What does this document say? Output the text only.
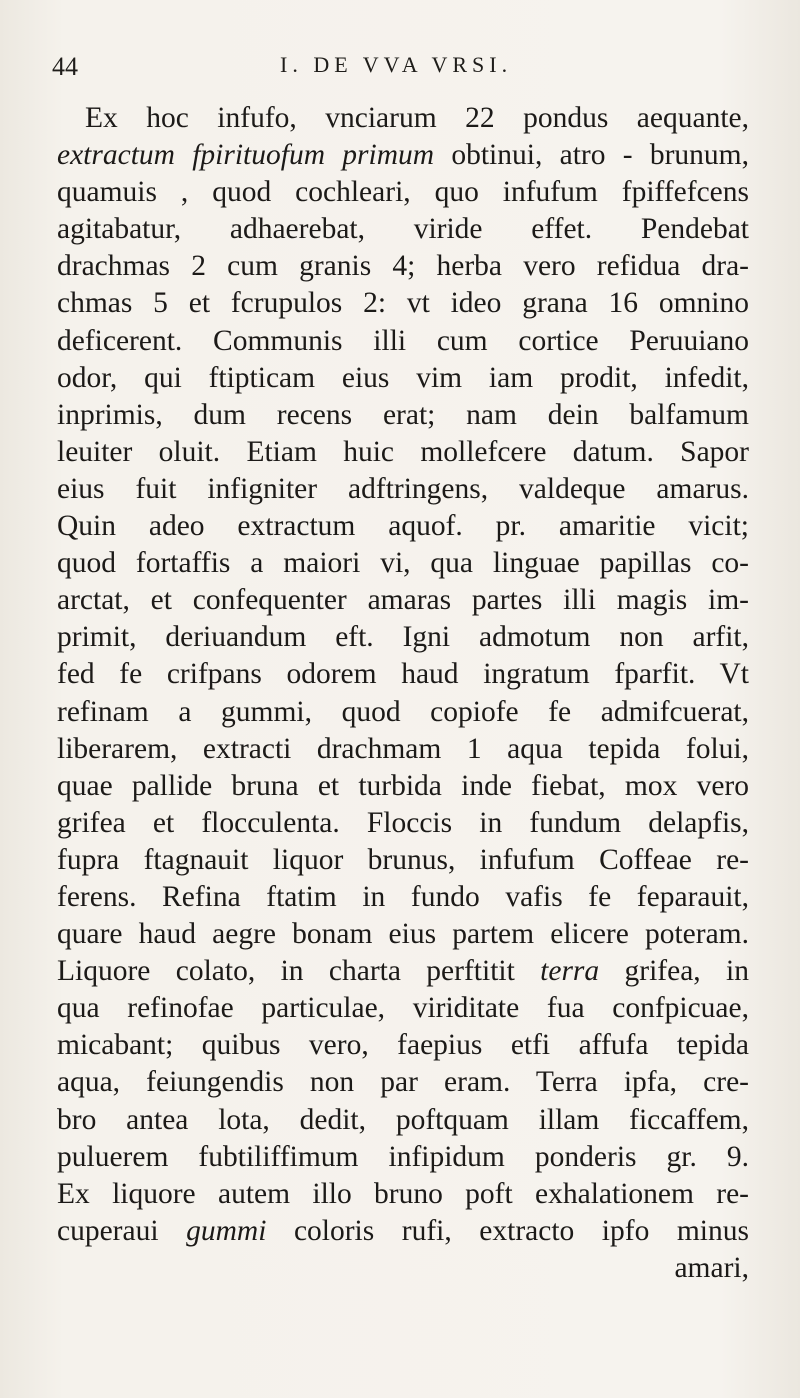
44	I. DE VVA VRSI.
Ex hoc infufo, vnciarum 22 pondus aequante,
extractum fpirituofum primum obtinui, atro - brunum,
quamuis , quod cochleari, quo infufum fpiffefcens
agitabatur, adhaerebat, viride effet. Pendebat
drachmas 2 cum granis 4; herba vero refidua dra-
chmas 5 et fcrupulos 2: vt ideo grana 16 omnino
deficerent. Communis illi cum cortice Peruuiano
odor, qui ftipticam eius vim iam prodit, infedit,
inprimis, dum recens erat; nam dein balfamum
leuiter oluit. Etiam huic mollefcere datum. Sapor
eius fuit infigniter adftringens, valdeque amarus.
Quin adeo extractum aquof. pr. amaritie vicit;
quod fortaffis a maiori vi, qua linguae papillas co-
arctat, et confequenter amaras partes illi magis im-
primit, deriuandum eft. Igni admotum non arfit,
fed fe crifpans odorem haud ingratum fparfit. Vt
refinam a gummi, quod copiofe fe admifcuerat,
liberarem, extracti drachmam 1 aqua tepida folui,
quae pallide bruna et turbida inde fiebat, mox vero
grifea et flocculenta. Floccis in fundum delapfis,
fupra ftagnauit liquor brunus, infufum Coffeae re-
ferens. Refina ftatim in fundo vafis fe feparauit,
quare haud aegre bonam eius partem elicere poteram.
Liquore colato, in charta perftitit terra grifea, in
qua refinofae particulae, viriditate fua confpicuae,
micabant; quibus vero, faepius etfi affufa tepida
aqua, feiungendis non par eram. Terra ipfa, cre-
bro antea lota, dedit, poftquam illam ficcaffem,
puluerem fubtiliffimum infipidum ponderis gr. 9.
Ex liquore autem illo bruno poft exhalationem re-
cuperaui gummi coloris rufi, extracto ipfo minus
amari,
